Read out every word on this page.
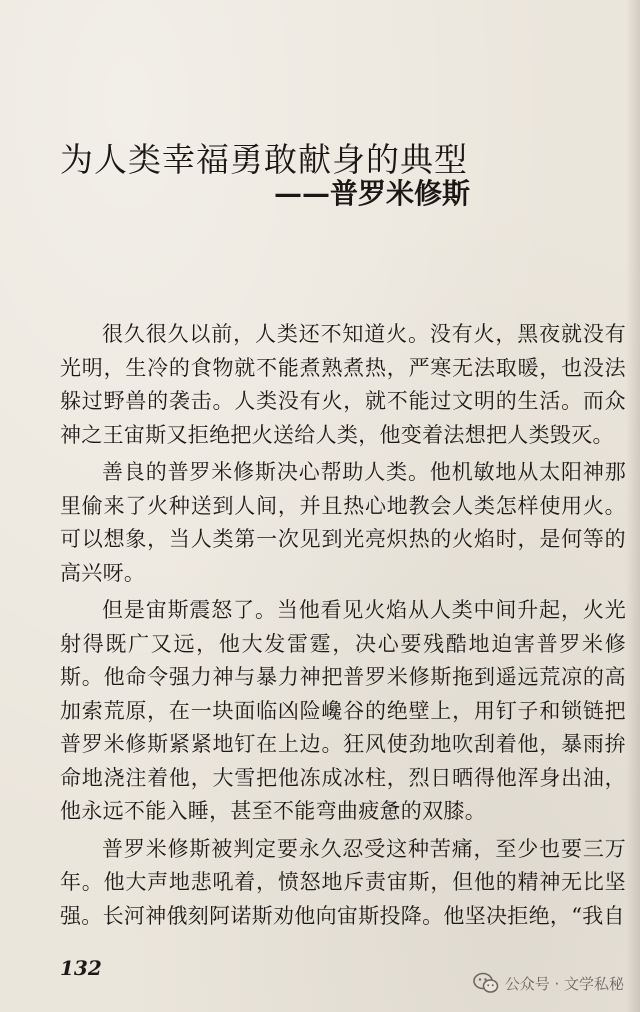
为人类幸福勇敢献身的典型
——普罗米修斯

很久很久以前，人类还不知道火。没有火，黑夜就没有光明，生冷的食物就不能煮熟煮热，严寒无法取暖，也没法躲过野兽的袭击。人类没有火，就不能过文明的生活。而众神之王宙斯又拒绝把火送给人类，他变着法想把人类毁灭。

善良的普罗米修斯决心帮助人类。他机敏地从太阳神那里偷来了火种送到人间，并且热心地教会人类怎样使用火。可以想象，当人类第一次见到光亮炽热的火焰时，是何等的高兴呀。

但是宙斯震怒了。当他看见火焰从人类中间升起，火光射得既广又远，他大发雷霆，决心要残酷地迫害普罗米修斯。他命令强力神与暴力神把普罗米修斯拖到遥远荒凉的高加索荒原，在一块面临凶险巉谷的绝壁上，用钉子和锁链把普罗米修斯紧紧地钉在上边。狂风使劲地吹刮着他，暴雨拚命地浇注着他，大雪把他冻成冰柱，烈日晒得他浑身出油，他永远不能入睡，甚至不能弯曲疲惫的双膝。

普罗米修斯被判定要永久忍受这种苦痛，至少也要三万年。他大声地悲吼着，愤怒地斥责宙斯，但他的精神无比坚强。长河神俄刻阿诺斯劝他向宙斯投降。他坚决拒绝，“我自

132
公众号 · 文学私秘
